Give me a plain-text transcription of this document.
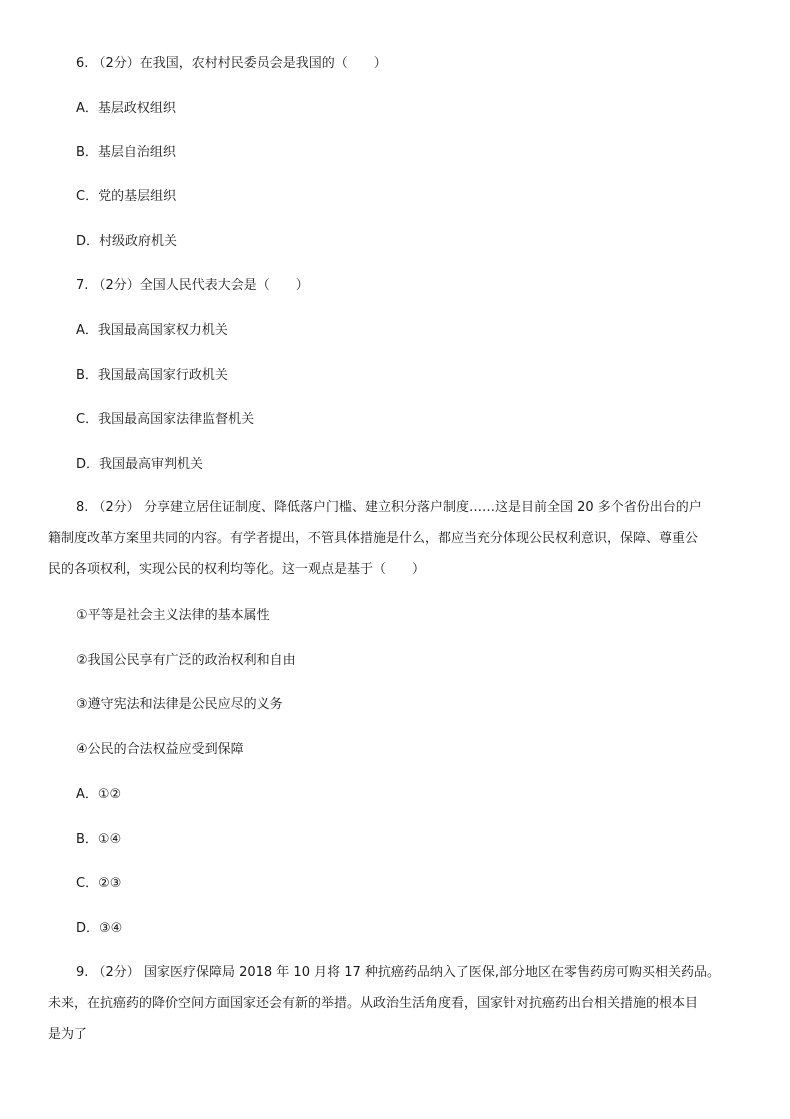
6. （2分）在我国，农村村民委员会是我国的（　　）
A．基层政权组织
B．基层自治组织
C．党的基层组织
D．村级政府机关
7. （2分）全国人民代表大会是（　　）
A．我国最高国家权力机关
B．我国最高国家行政机关
C．我国最高国家法律监督机关
D．我国最高审判机关
8. （2分） 分享建立居住证制度、降低落户门槛、建立积分落户制度……这是目前全国 20 多个省份出台的户
籍制度改革方案里共同的内容。有学者提出，不管具体措施是什么，都应当充分体现公民权利意识，保障、尊重公
民的各项权利，实现公民的权利均等化。这一观点是基于（　　）
①平等是社会主义法律的基本属性
②我国公民享有广泛的政治权利和自由
③遵守宪法和法律是公民应尽的义务
④公民的合法权益应受到保障
A．①②
B．①④
C．②③
D．③④
9. （2分） 国家医疗保障局 2018 年 10 月将 17 种抗癌药品纳入了医保,部分地区在零售药房可购买相关药品。
未来，在抗癌药的降价空间方面国家还会有新的举措。从政治生活角度看，国家针对抗癌药出台相关措施的根本目
是为了
